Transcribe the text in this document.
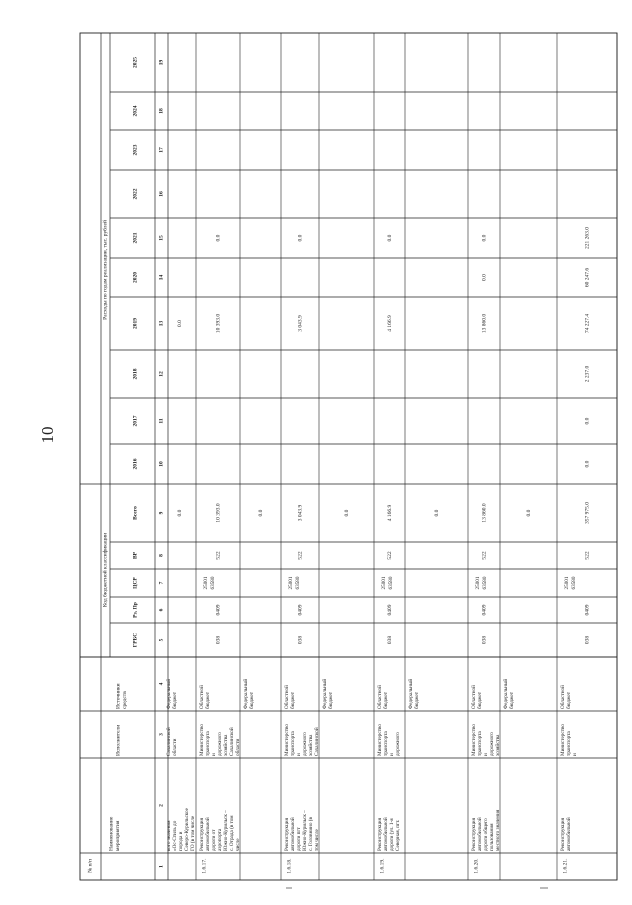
№ п/п
Наименование мероприятия
Исполнители
Источники средств
Код бюджетной классификации
Расходы по годам реализации, тыс. рублей
2025
2024
2023
2022
2021
2020
2019
2018
2017
2016
Всего
ВР
ЦСР
Рз, Пр
ГРБС
1
2
3
4
5
6
7
8
9
10
11
12
13
14
15
16
17
18
19
0.0
0.0
Федеральный бюджет
Сахалинской области
кого значения «Ос-Стиль до порода и Северо-Курильское ГО (в том числе
0.0
10 393.0
10 393.0
522
25001 63580
0409
038
Областной бюджет
Министерство транспорта и дорожного хозяйства Сахалинской области
Реконструкция автомобильной дороги от аэропорта Южно-Курильск – с. Отрада (в том числе
1.6.17.
0.0
Федеральный бюджет
0.0
3 043.9
3 043.9
522
25001 63580
0409
038
Областной бюджет
Министерство транспорта и дорожного хозяйства Сахалинской
Реконструкция автомобильной дороги пгт Южно-Курильск – с. Головнино (в том числе
1.6.18.
0.0
Федеральный бюджет
0.0
4 166.9
4 166.9
522
25001 63580
0409
038
Областной бюджет
Министерство транспорта и дорожного
Реконструкция автомобильной дороги (ул. 1-я Северная, пгт.
1.6.19.
0.0
Федеральный бюджет
0.0
0.0
13 860.0
13 860.0
522
25001 63580
0409
038
Областной бюджет
Министерство транспорта и дорожного хозяйства
Реконструкция автомобильной дороги общего пользования местного значения
1.6.20.
0.0
Федеральный бюджет
221 263.0
60 247.6
74 227.4
2 237.0
0.0
0.0
357 975.0
522
25001 63580
0409
038
Областной бюджет
Министерство транспорта и
Реконструкция автомобильной
1.6.21.
10
